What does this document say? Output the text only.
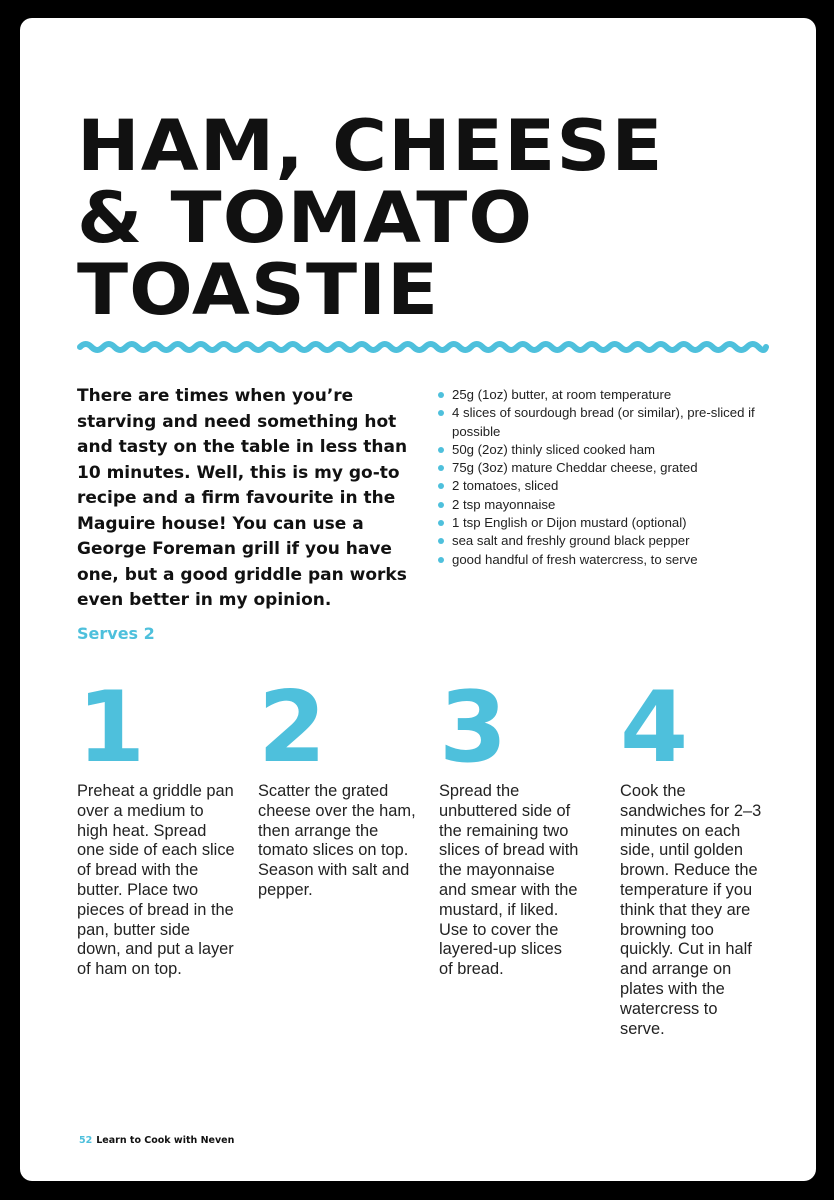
HAM, CHEESE
& TOMATO
TOASTIE

There are times when you’re starving and need something hot and tasty on the table in less than 10 minutes. Well, this is my go-to recipe and a firm favourite in the Maguire house! You can use a George Foreman grill if you have one, but a good griddle pan works even better in my opinion.

Serves 2
25g (1oz) butter, at room temperature
4 slices of sourdough bread (or similar), pre-sliced if possible
50g (2oz) thinly sliced cooked ham
75g (3oz) mature Cheddar cheese, grated
2 tomatoes, sliced
2 tsp mayonnaise
1 tsp English or Dijon mustard (optional)
sea salt and freshly ground black pepper
good handful of fresh watercress, to serve
1
Preheat a griddle pan over a medium to high heat. Spread one side of each slice of bread with the butter. Place two pieces of bread in the pan, butter side down, and put a layer of ham on top.
2
Scatter the grated cheese over the ham, then arrange the tomato slices on top. Season with salt and pepper.
3
Spread the unbuttered side of the remaining two slices of bread with the mayonnaise and smear with the mustard, if liked. Use to cover the layered-up slices of bread.
4
Cook the sandwiches for 2–3 minutes on each side, until golden brown. Reduce the temperature if you think that they are browning too quickly. Cut in half and arrange on plates with the watercress to serve.
52 Learn to Cook with Neven
